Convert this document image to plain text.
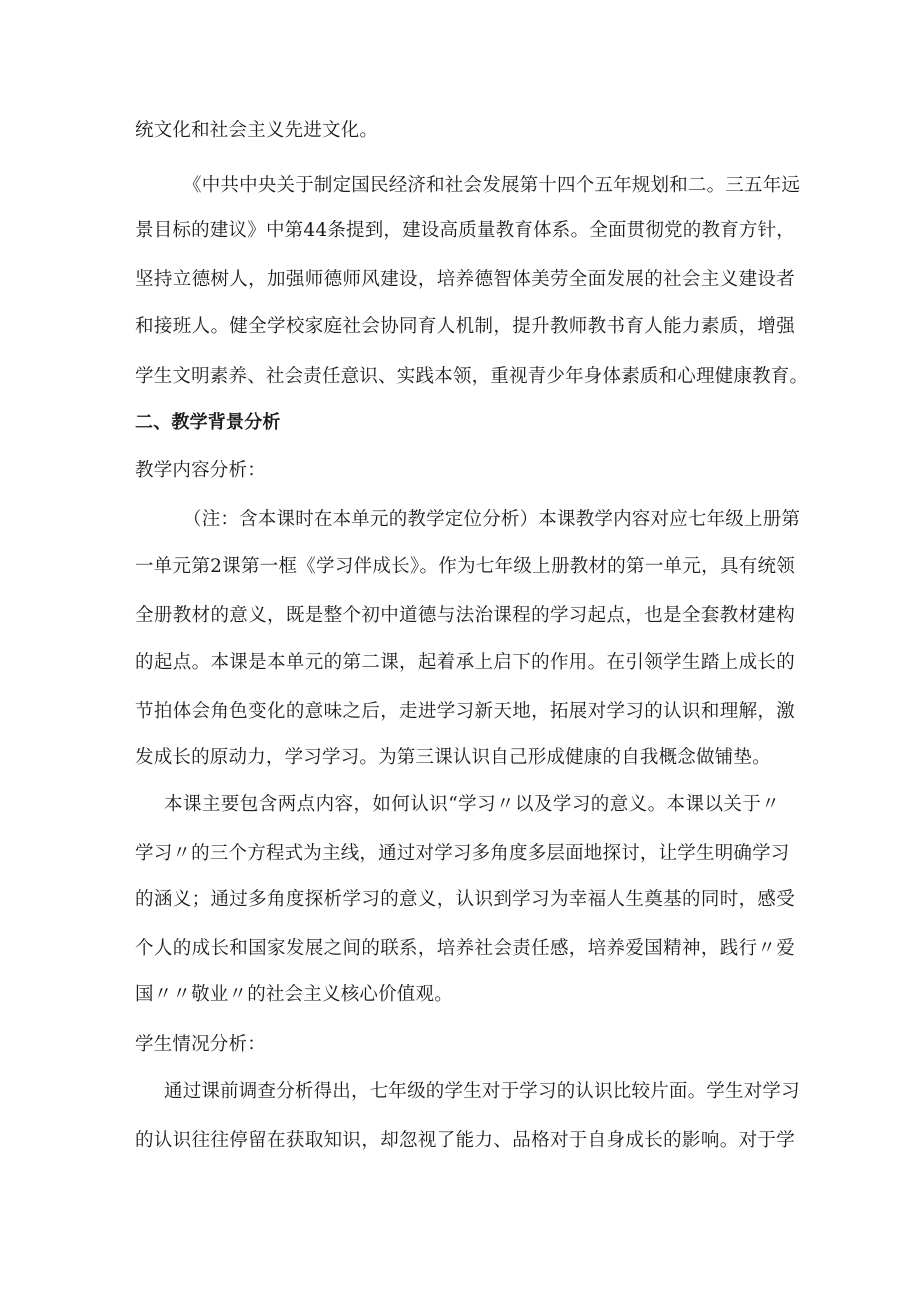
统文化和社会主义先进文化。
《中共中央关于制定国民经济和社会发展第十四个五年规划和二。三五年远
景目标的建议》中第44条提到，建设高质量教育体系。全面贯彻党的教育方针，
坚持立德树人，加强师德师风建设，培养德智体美劳全面发展的社会主义建设者
和接班人。健全学校家庭社会协同育人机制，提升教师教书育人能力素质，增强
学生文明素养、社会责任意识、实践本领，重视青少年身体素质和心理健康教育。
二、教学背景分析
教学内容分析：
（注：含本课时在本单元的教学定位分析）本课教学内容对应七年级上册第
一单元第2课第一框《学习伴成长》。作为七年级上册教材的第一单元，具有统领
全册教材的意义，既是整个初中道德与法治课程的学习起点，也是全套教材建构
的起点。本课是本单元的第二课，起着承上启下的作用。在引领学生踏上成长的
节拍体会角色变化的意味之后，走进学习新天地，拓展对学习的认识和理解，激
发成长的原动力，学习学习。为第三课认识自己形成健康的自我概念做铺垫。
本课主要包含两点内容，如何认识“学习〃以及学习的意义。本课以关于〃
学习〃的三个方程式为主线，通过对学习多角度多层面地探讨，让学生明确学习
的涵义；通过多角度探析学习的意义，认识到学习为幸福人生奠基的同时，感受
个人的成长和国家发展之间的联系，培养社会责任感，培养爱国精神，践行〃爱
国〃〃敬业〃的社会主义核心价值观。
学生情况分析：
通过课前调查分析得出，七年级的学生对于学习的认识比较片面。学生对学习
的认识往往停留在获取知识，却忽视了能力、品格对于自身成长的影响。对于学
